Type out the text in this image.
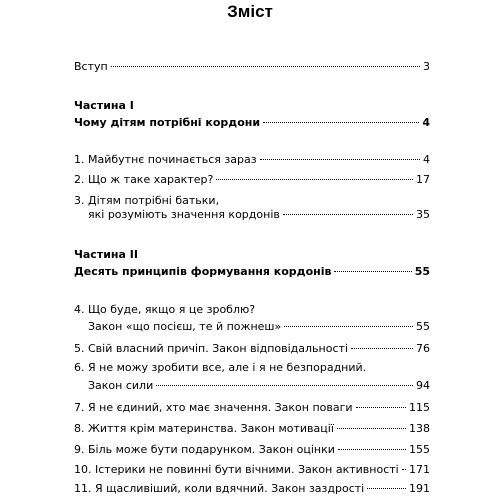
Зміст
Вступ	3
Частина I
Чому дітям потрібні кордони	4
1. Майбутнє починається зараз	4
2. Що ж таке характер?	17
3. Дітям потрібні батьки,
які розуміють значення кордонів	35
Частина II
Десять принципів формування кордонів	55
4. Що буде, якщо я це зроблю?
Закон «що посієш, те й пожнеш»	55
5. Свій власний причіп. Закон відповідальності	76
6. Я не можу зробити все, але і я не безпорадний.
Закон сили	94
7. Я не єдиний, хто має значення. Закон поваги	115
8. Життя крім материнства. Закон мотивації	138
9. Біль може бути подарунком. Закон оцінки	155
10. Істерики не повинні бути вічними. Закон активності 171
11. Я щасливіший, коли вдячний. Закон заздрості	191
